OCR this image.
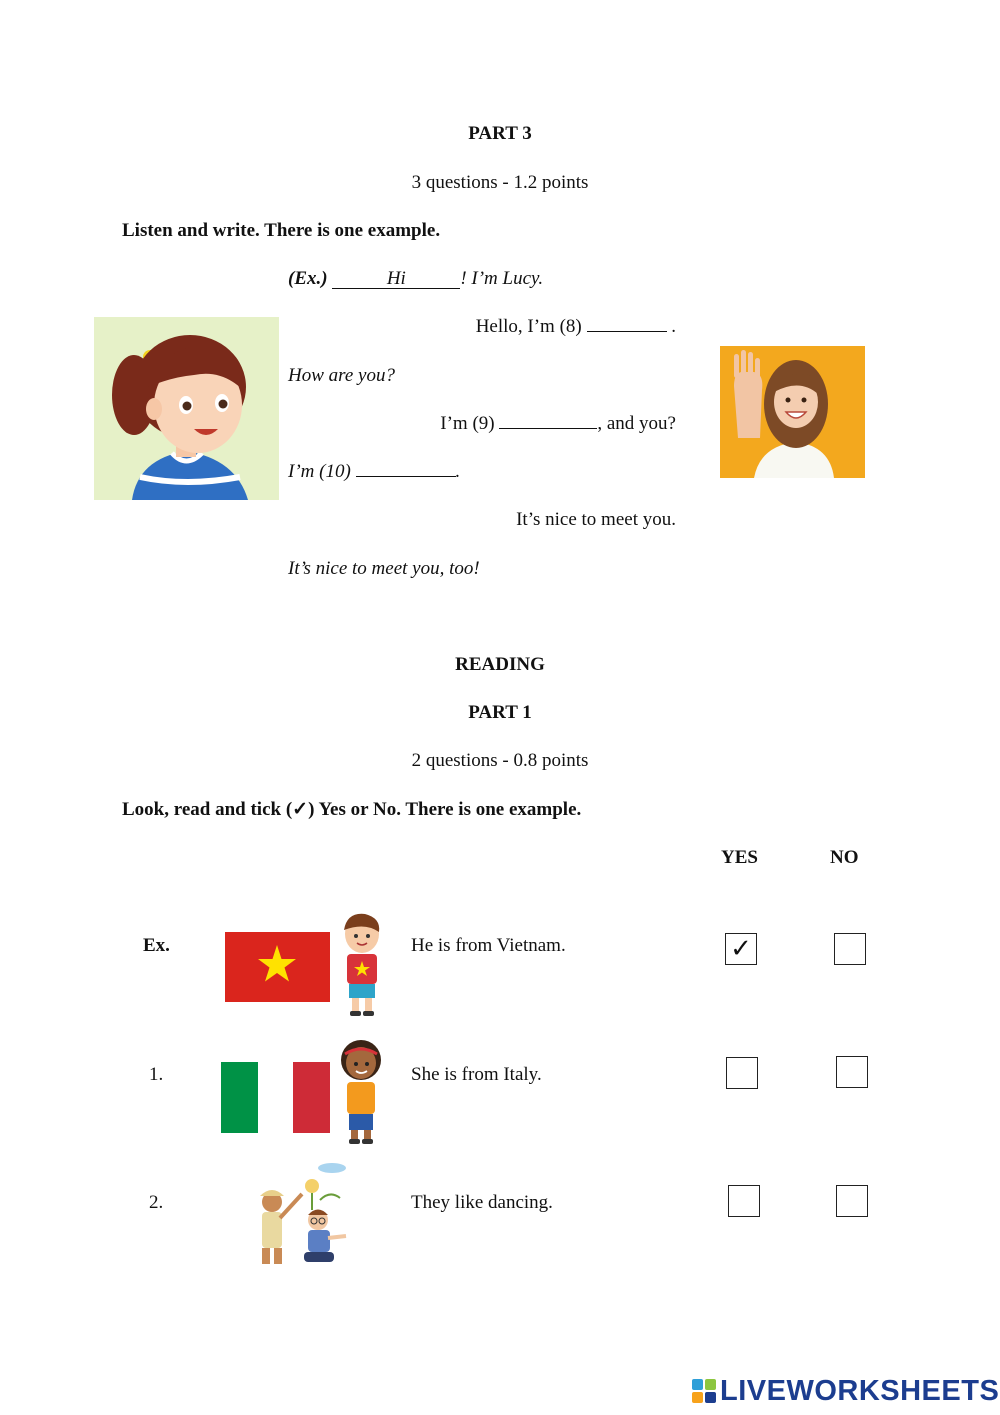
PART 3
3 questions - 1.2 points
Listen and write. There is one example.
(Ex.)	Hi	! I’m Lucy.
Hello, I’m (8)	.
How are you?
I’m (9)	, and you?
I’m (10)	.
It’s nice to meet you.
It’s nice to meet you, too!
READING
PART 1
2 questions - 0.8 points
Look, read and tick (✓) Yes or No. There is one example.
YES	NO
Ex.	He is from Vietnam.	✓
1.	She is from Italy.
2.	They like dancing.
LIVEWORKSHEETS
